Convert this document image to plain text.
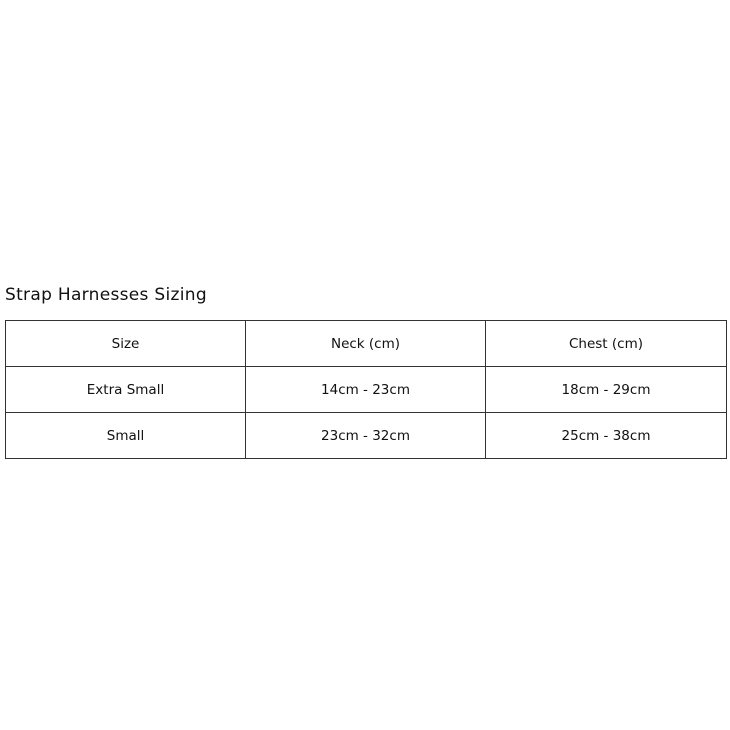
Strap Harnesses Sizing
Size	Neck (cm)	Chest (cm)
Extra Small	14cm - 23cm	18cm - 29cm
Small	23cm - 32cm	25cm - 38cm
